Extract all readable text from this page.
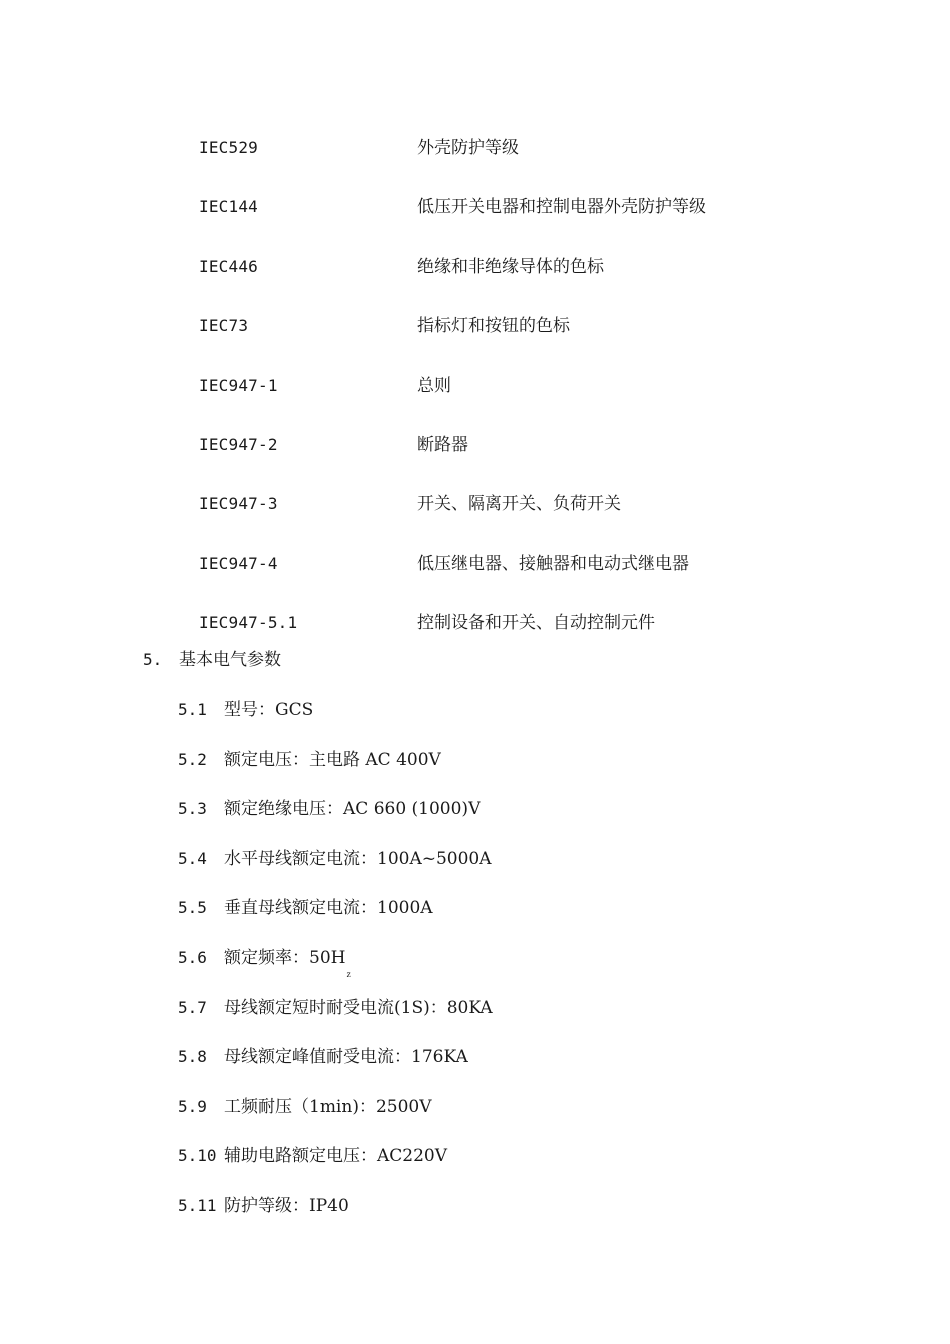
IEC529	外壳防护等级
IEC144	低压开关电器和控制电器外壳防护等级
IEC446	绝缘和非绝缘导体的色标
IEC73	指标灯和按钮的色标
IEC947-1	总则
IEC947-2	断路器
IEC947-3	开关、隔离开关、负荷开关
IEC947-4	低压继电器、接触器和电动式继电器
IEC947-5.1	控制设备和开关、自动控制元件
5. 基本电气参数
5.1 型号：GCS
5.2 额定电压：主电路 AC 400V
5.3 额定绝缘电压：AC 660 (1000)V
5.4 水平母线额定电流：100A~5000A
5.5 垂直母线额定电流：1000A
5.6 额定频率：$50H_z$
5.7 母线额定短时耐受电流(1S)：80KA
5.8 母线额定峰值耐受电流：176KA
5.9 工频耐压（1min)：2500V
5.10 辅助电路额定电压：AC220V
5.11 防护等级：IP40
